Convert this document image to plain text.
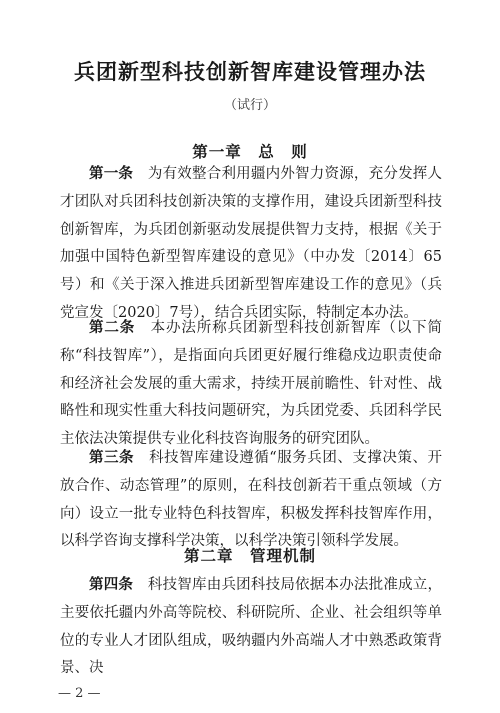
兵团新型科技创新智库建设管理办法
（试行）
第一章　总　则
第一条　 为有效整合利用疆内外智力资源，充分发挥人才团队对兵团科技创新决策的支撑作用，建设兵团新型科技创新智库，为兵团创新驱动发展提供智力支持，根据《关于加强中国特色新型智库建设的意见》（中办发〔2014〕65号）和《关于深入推进兵团新型智库建设工作的意见》（兵党宣发〔2020〕7号），结合兵团实际，特制定本办法。
第二条　 本办法所称兵团新型科技创新智库（以下简称“科技智库”），是指面向兵团更好履行维稳戍边职责使命和经济社会发展的重大需求，持续开展前瞻性、针对性、战略性和现实性重大科技问题研究，为兵团党委、兵团科学民主依法决策提供专业化科技咨询服务的研究团队。
第三条　 科技智库建设遵循“服务兵团、支撑决策、开放合作、动态管理”的原则，在科技创新若干重点领域（方向）设立一批专业特色科技智库，积极发挥科技智库作用，以科学咨询支撑科学决策，以科学决策引领科学发展。
第二章　管理机制
第四条　 科技智库由兵团科技局依据本办法批准成立，主要依托疆内外高等院校、科研院所、企业、社会组织等单位的专业人才团队组成，吸纳疆内外高端人才中熟悉政策背景、决
— 2 —
